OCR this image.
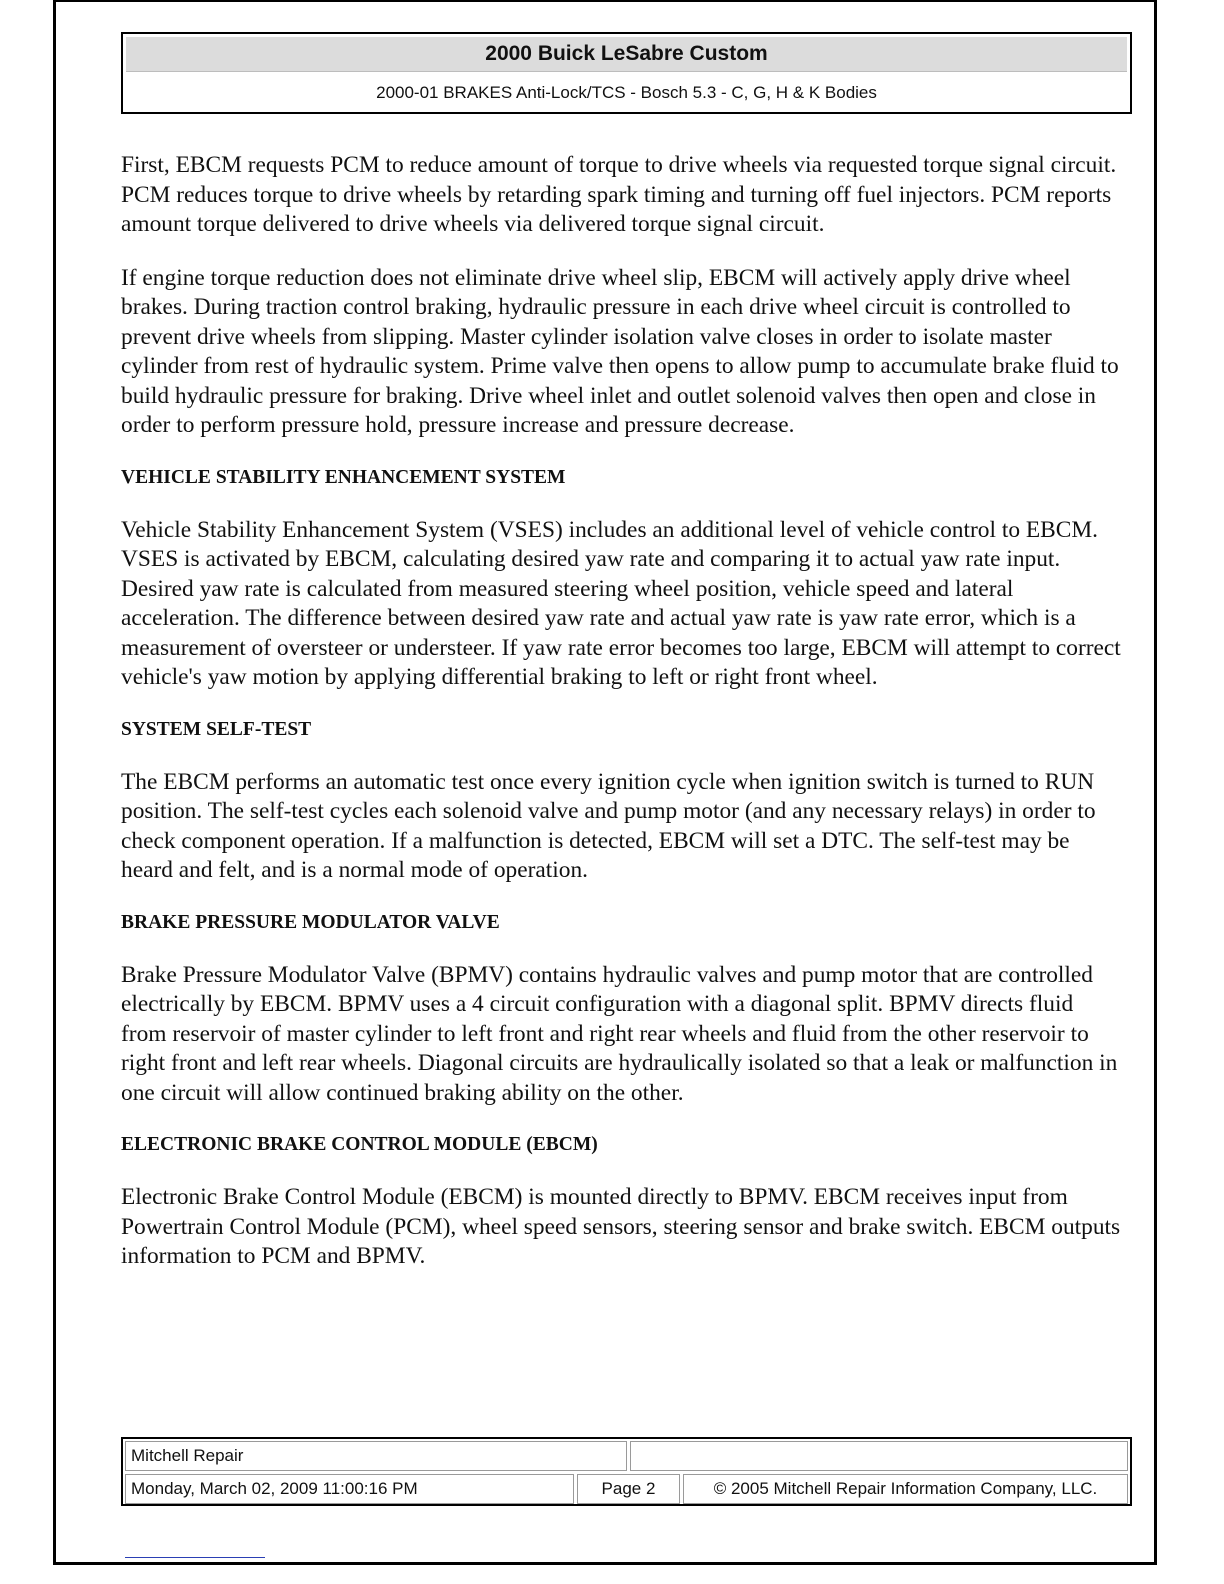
2000 Buick LeSabre Custom
2000-01 BRAKES Anti-Lock/TCS - Bosch 5.3 - C, G, H & K Bodies

First, EBCM requests PCM to reduce amount of torque to drive wheels via requested torque signal circuit. PCM reduces torque to drive wheels by retarding spark timing and turning off fuel injectors. PCM reports amount torque delivered to drive wheels via delivered torque signal circuit.

If engine torque reduction does not eliminate drive wheel slip, EBCM will actively apply drive wheel brakes. During traction control braking, hydraulic pressure in each drive wheel circuit is controlled to prevent drive wheels from slipping. Master cylinder isolation valve closes in order to isolate master cylinder from rest of hydraulic system. Prime valve then opens to allow pump to accumulate brake fluid to build hydraulic pressure for braking. Drive wheel inlet and outlet solenoid valves then open and close in order to perform pressure hold, pressure increase and pressure decrease.

VEHICLE STABILITY ENHANCEMENT SYSTEM

Vehicle Stability Enhancement System (VSES) includes an additional level of vehicle control to EBCM. VSES is activated by EBCM, calculating desired yaw rate and comparing it to actual yaw rate input. Desired yaw rate is calculated from measured steering wheel position, vehicle speed and lateral acceleration. The difference between desired yaw rate and actual yaw rate is yaw rate error, which is a measurement of oversteer or understeer. If yaw rate error becomes too large, EBCM will attempt to correct vehicle's yaw motion by applying differential braking to left or right front wheel.

SYSTEM SELF-TEST

The EBCM performs an automatic test once every ignition cycle when ignition switch is turned to RUN position. The self-test cycles each solenoid valve and pump motor (and any necessary relays) in order to check component operation. If a malfunction is detected, EBCM will set a DTC. The self-test may be heard and felt, and is a normal mode of operation.

BRAKE PRESSURE MODULATOR VALVE

Brake Pressure Modulator Valve (BPMV) contains hydraulic valves and pump motor that are controlled electrically by EBCM. BPMV uses a 4 circuit configuration with a diagonal split. BPMV directs fluid from reservoir of master cylinder to left front and right rear wheels and fluid from the other reservoir to right front and left rear wheels. Diagonal circuits are hydraulically isolated so that a leak or malfunction in one circuit will allow continued braking ability on the other.

ELECTRONIC BRAKE CONTROL MODULE (EBCM)

Electronic Brake Control Module (EBCM) is mounted directly to BPMV. EBCM receives input from Powertrain Control Module (PCM), wheel speed sensors, steering sensor and brake switch. EBCM outputs information to PCM and BPMV.

Mitchell Repair
Monday, March 02, 2009 11:00:16 PM	Page 2	© 2005 Mitchell Repair Information Company, LLC.
